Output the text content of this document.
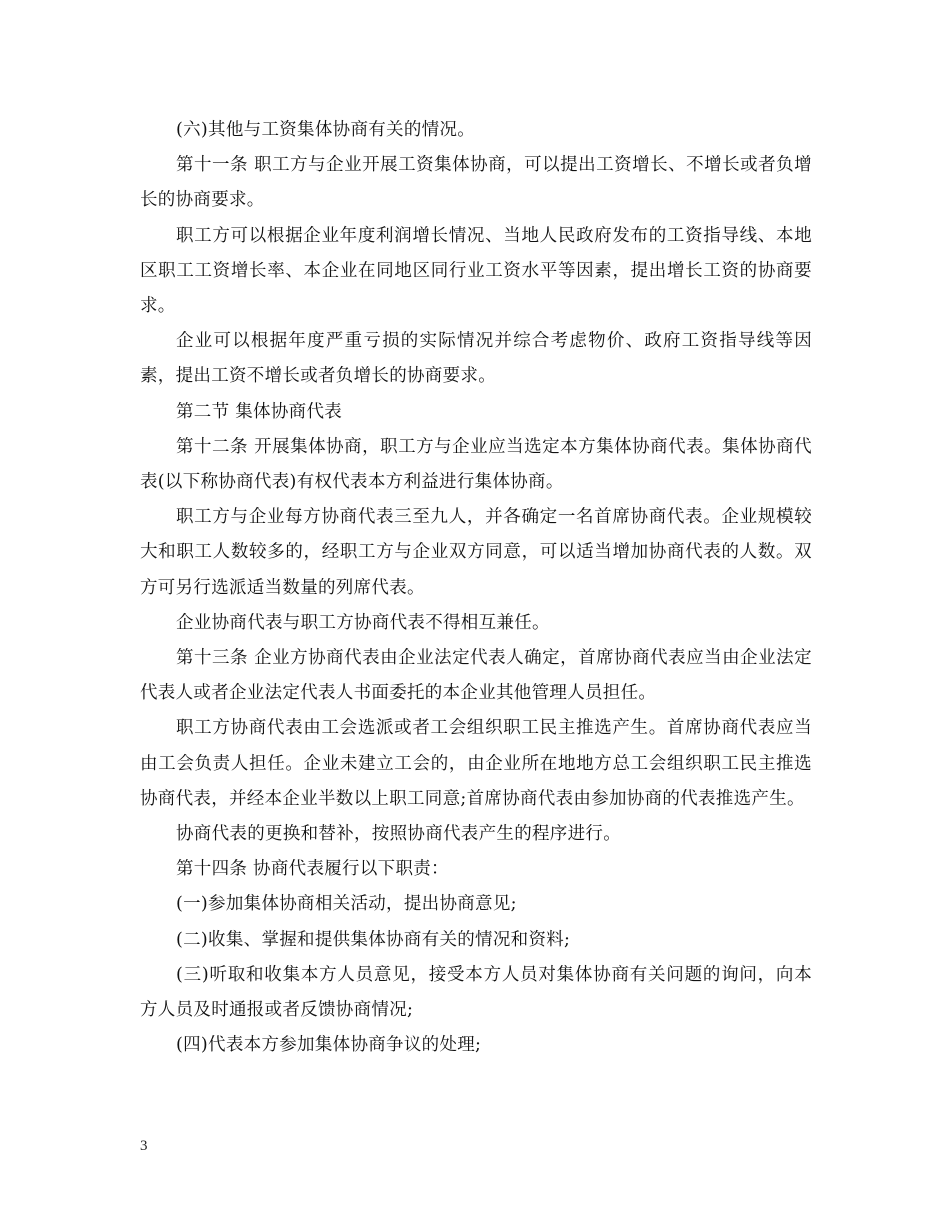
(六)其他与工资集体协商有关的情况。

第十一条 职工方与企业开展工资集体协商，可以提出工资增长、不增长或者负增长的协商要求。

职工方可以根据企业年度利润增长情况、当地人民政府发布的工资指导线、本地区职工工资增长率、本企业在同地区同行业工资水平等因素，提出增长工资的协商要求。

企业可以根据年度严重亏损的实际情况并综合考虑物价、政府工资指导线等因素，提出工资不增长或者负增长的协商要求。

第二节 集体协商代表

第十二条 开展集体协商，职工方与企业应当选定本方集体协商代表。集体协商代表(以下称协商代表)有权代表本方利益进行集体协商。

职工方与企业每方协商代表三至九人，并各确定一名首席协商代表。企业规模较大和职工人数较多的，经职工方与企业双方同意，可以适当增加协商代表的人数。双方可另行选派适当数量的列席代表。

企业协商代表与职工方协商代表不得相互兼任。

第十三条 企业方协商代表由企业法定代表人确定，首席协商代表应当由企业法定代表人或者企业法定代表人书面委托的本企业其他管理人员担任。

职工方协商代表由工会选派或者工会组织职工民主推选产生。首席协商代表应当由工会负责人担任。企业未建立工会的，由企业所在地地方总工会组织职工民主推选协商代表，并经本企业半数以上职工同意;首席协商代表由参加协商的代表推选产生。

协商代表的更换和替补，按照协商代表产生的程序进行。

第十四条 协商代表履行以下职责：

(一)参加集体协商相关活动，提出协商意见;

(二)收集、掌握和提供集体协商有关的情况和资料;

(三)听取和收集本方人员意见，接受本方人员对集体协商有关问题的询问，向本方人员及时通报或者反馈协商情况;

(四)代表本方参加集体协商争议的处理;

3
